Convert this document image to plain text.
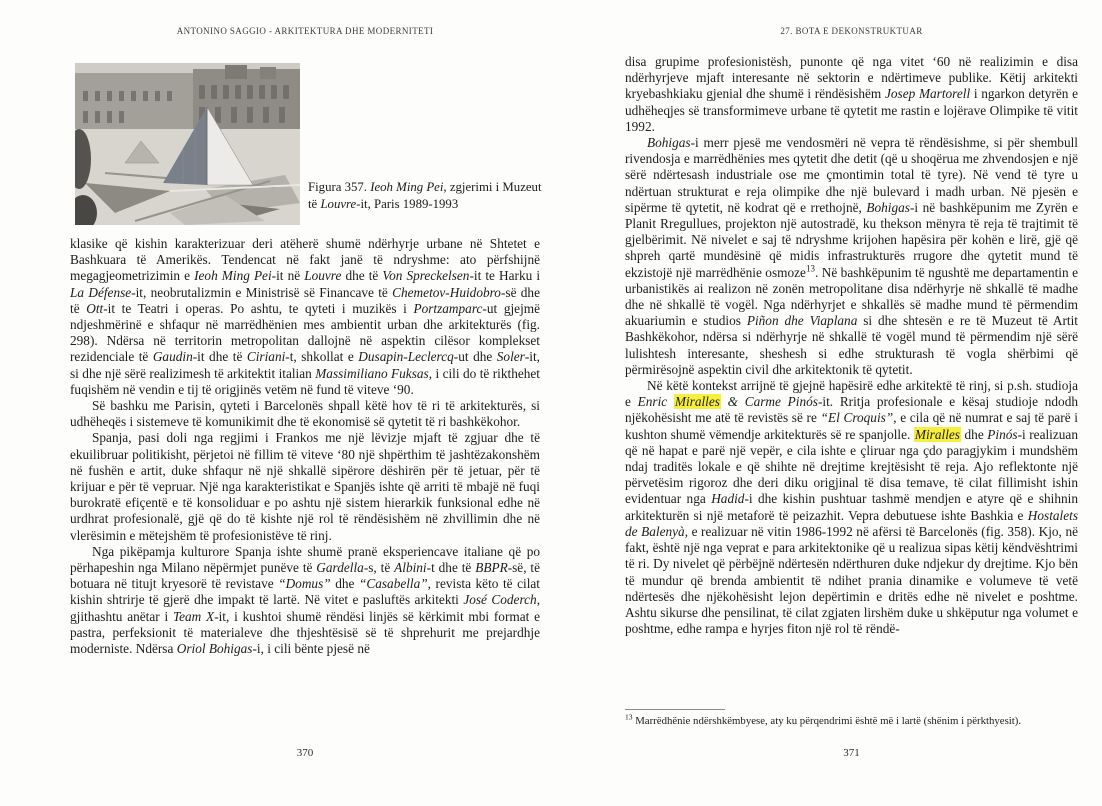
ANTONINO SAGGIO - ARKITEKTURA DHE MODERNITETI
Figura 357. Ieoh Ming Pei, zgjerimi i Muzeut të Louvre-it, Paris 1989-1993

klasike që kishin karakterizuar deri atëherë shumë ndërhyrje urbane në Shtetet e Bashkuara të Amerikës. Tendencat në fakt janë të ndryshme: ato përfshijnë megagjeometrizimin e Ieoh Ming Pei-it në Louvre dhe të Von Spreckelsen-it te Harku i La Défense-it, neobrutalizmin e Ministrisë së Financave të Chemetov-Huidobro-së dhe të Ott-it te Teatri i operas. Po ashtu, te qyteti i muzikës i Portzamparc-ut gjejmë ndjeshmërinë e shfaqur në marrëdhënien mes ambientit urban dhe arkitekturës (fig. 298). Ndërsa në territorin metropolitan dallojnë në aspektin cilësor komplekset rezidenciale të Gaudin-it dhe të Ciriani-t, shkollat e Dusapin-Leclercq-ut dhe Soler-it, si dhe një sërë realizimesh të arkitektit italian Massimiliano Fuksas, i cili do të rikthehet fuqishëm në vendin e tij të origjinës vetëm në fund të viteve ‘90.

Së bashku me Parisin, qyteti i Barcelonës shpall këtë hov të ri të arkitekturës, si udhëheqës i sistemeve të komunikimit dhe të ekonomisë së qytetit të ri bashkëkohor.

Spanja, pasi doli nga regjimi i Frankos me një lëvizje mjaft të zgjuar dhe të ekuilibruar politikisht, përjetoi në fillim të viteve ‘80 një shpërthim të jashtëzakonshëm në fushën e artit, duke shfaqur në një shkallë sipërore dëshirën për të jetuar, për të krijuar e për të vepruar. Një nga karakteristikat e Spanjës ishte që arriti të mbajë në fuqi burokratë efiçentë e të konsoliduar e po ashtu një sistem hierarkik funksional edhe në urdhrat profesionalë, gjë që do të kishte një rol të rëndësishëm në zhvillimin dhe në vlerësimin e mëtejshëm të profesionistëve të rinj.

Nga pikëpamja kulturore Spanja ishte shumë pranë eksperiencave italiane që po përhapeshin nga Milano nëpërmjet punëve të Gardella-s, të Albini-t dhe të BBPR-së, të botuara në titujt kryesorë të revistave “Domus” dhe “Casabella”, revista këto të cilat kishin shtrirje të gjerë dhe impakt të lartë. Në vitet e pasluftës arkitekti José Coderch, gjithashtu anëtar i Team X-it, i kushtoi shumë rëndësi linjës së kërkimit mbi format e pastra, perfeksionit të materialeve dhe thjeshtësisë së të shprehurit me prejardhje moderniste. Ndërsa Oriol Bohigas-i, i cili bënte pjesë në

370
27. BOTA E DEKONSTRUKTUAR

disa grupime profesionistësh, punonte që nga vitet ‘60 në realizimin e disa ndërhyrjeve mjaft interesante në sektorin e ndërtimeve publike. Këtij arkitekti kryebashkiaku gjenial dhe shumë i rëndësishëm Josep Martorell i ngarkon detyrën e udhëheqjes së transformimeve urbane të qytetit me rastin e lojërave Olimpike të vitit 1992.

Bohigas-i merr pjesë me vendosmëri në vepra të rëndësishme, si për shembull rivendosja e marrëdhënies mes qytetit dhe detit (që u shoqërua me zhvendosjen e një sërë ndërtesash industriale ose me çmontimin total të tyre). Në vend të tyre u ndërtuan strukturat e reja olimpike dhe një bulevard i madh urban. Në pjesën e sipërme të qytetit, në kodrat që e rrethojnë, Bohigas-i në bashkëpunim me Zyrën e Planit Rregullues, projekton një autostradë, ku thekson mënyra të reja të trajtimit të gjelbërimit. Në nivelet e saj të ndryshme krijohen hapësira për kohën e lirë, gjë që shpreh qartë mundësinë që midis infrastrukturës rrugore dhe qytetit mund të ekzistojë një marrëdhënie osmoze$^{13}$. Në bashkëpunim të ngushtë me departamentin e urbanistikës ai realizon në zonën metropolitane disa ndërhyrje në shkallë të madhe dhe në shkallë të vogël. Nga ndërhyrjet e shkallës së madhe mund të përmendim akuariumin e studios Piñon dhe Viaplana si dhe shtesën e re të Muzeut të Artit Bashkëkohor, ndërsa si ndërhyrje në shkallë të vogël mund të përmendim një sërë lulishtesh interesante, sheshesh si edhe strukturash të vogla shërbimi që përmirësojnë aspektin civil dhe arkitektonik të qytetit.

Në këtë kontekst arrijnë të gjejnë hapësirë edhe arkitektë të rinj, si p.sh. studioja e Enric Miralles & Carme Pinós-it. Rritja profesionale e kësaj studioje ndodh njëkohësisht me atë të revistës së re “El Croquis”, e cila që në numrat e saj të parë i kushton shumë vëmendje arkitekturës së re spanjolle. Miralles dhe Pinós-i realizuan që në hapat e parë një vepër, e cila ishte e çliruar nga çdo paragjykim i mundshëm ndaj traditës lokale e që shihte në drejtime krejtësisht të reja. Ajo reflektonte një përvetësim rigoroz dhe deri diku origjinal të disa temave, të cilat fillimisht ishin evidentuar nga Hadid-i dhe kishin pushtuar tashmë mendjen e atyre që e shihnin arkitekturën si një metaforë të peizazhit. Vepra debutuese ishte Bashkia e Hostalets de Balenyà, e realizuar në vitin 1986-1992 në afërsi të Barcelonës (fig. 358). Kjo, në fakt, është një nga veprat e para arkitektonike që u realizua sipas këtij këndvështrimi të ri. Dy nivelet që përbëjnë ndërtesën ndërthuren duke ndjekur dy drejtime. Kjo bën të mundur që brenda ambientit të ndihet prania dinamike e volumeve të vetë ndërtesës dhe njëkohësisht lejon depërtimin e dritës edhe në nivelet e poshtme. Ashtu sikurse dhe pensilinat, të cilat zgjaten lirshëm duke u shkëputur nga volumet e poshtme, edhe rampa e hyrjes fiton një rol të rëndë-

$^{13}$ Marrëdhënie ndërshkëmbyese, aty ku përqendrimi është më i lartë (shënim i përkthyesit).
371
